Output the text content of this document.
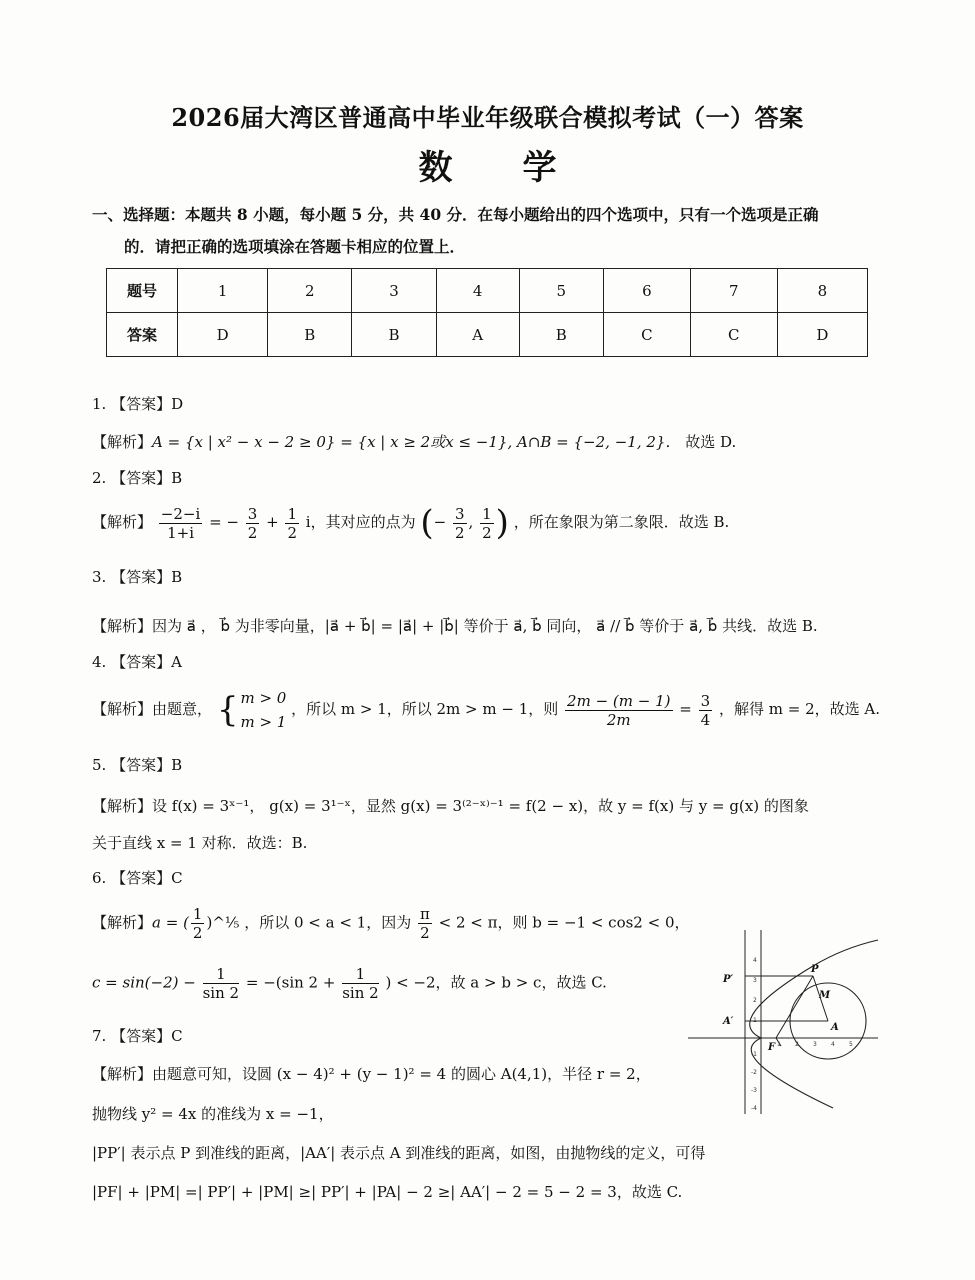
2026届大湾区普通高中毕业年级联合模拟考试（一）答案
数学
一、选择题：本题共 8 小题，每小题 5 分，共 40 分．在每小题给出的四个选项中，只有一个选项是正确
的．请把正确的选项填涂在答题卡相应的位置上．
题号	1	2	3	4	5	6	7	8
答案	D	B	B	A	B	C	C	D
1. 【答案】D
【解析】A = {x | x² − x − 2 ≥ 0} = {x | x ≥ 2或x ≤ −1}, A∩B = {−2, −1, 2}． 故选 D.
2. 【答案】B
【解析】 $\frac{-2-i}{1+i}$ = − $\frac{3}{2} + \frac{1}{2}$ i，其对应的点为 (− $\frac{3}{2}$ , $\frac{1}{2}$ ) ，所在象限为第二象限．故选 B.
3. 【答案】B
【解析】因为 a⃗ ， b⃗ 为非零向量，|a⃗ + b⃗| = |a⃗| + |b⃗| 等价于 a⃗, b⃗ 同向， a⃗ // b⃗ 等价于 a⃗, b⃗ 共线．故选 B.
4. 【答案】A
【解析】由题意， { m > 0
m > 1
，所以 m > 1，所以 2m > m − 1，则 $\frac{2m - (m - 1)}{2m} = \frac{3}{4}$ ，解得 m = 2，故选 A.
5. 【答案】B
【解析】设 f(x) = 3ˣ⁻¹， g(x) = 3¹⁻ˣ，显然 g(x) = 3⁽²⁻ˣ⁾⁻¹ = f(2 − x)，故 y = f(x) 与 y = g(x) 的图象
关于直线 x = 1 对称．故选：B.
6. 【答案】C
【解析】a = ( $\frac{1}{2}$ )^⅕ ，所以 0 < a < 1，因为 $\frac{\pi}{2} < 2 < \pi$，则 b = −1 < cos2 < 0，
$c = \sin(-2) - \frac{1}{\sin 2} = -(\sin$ $2 + \frac{1}{\sin 2}$ ) < −2，故 a > b > c，故选 C.
7. 【答案】C
【解析】由题意可知，设圆 (x − 4)² + (y − 1)² = 4 的圆心 A(4,1)，半径 r = 2，
抛物线 y² = 4x 的准线为 x = −1，
|PP′| 表示点 P 到准线的距离，|AA′| 表示点 A 到准线的距离，如图，由抛物线的定义，可得
|PF| + |PM| =| PP′| + |PM| ≥| PP′| + |PA| − 2 ≥| AA′| − 2 = 5 − 2 = 3，故选 C.
4
3
2
1
-1
-2
-3
-4
1 2 3 4 5
P′
P
M
A′
A
F
